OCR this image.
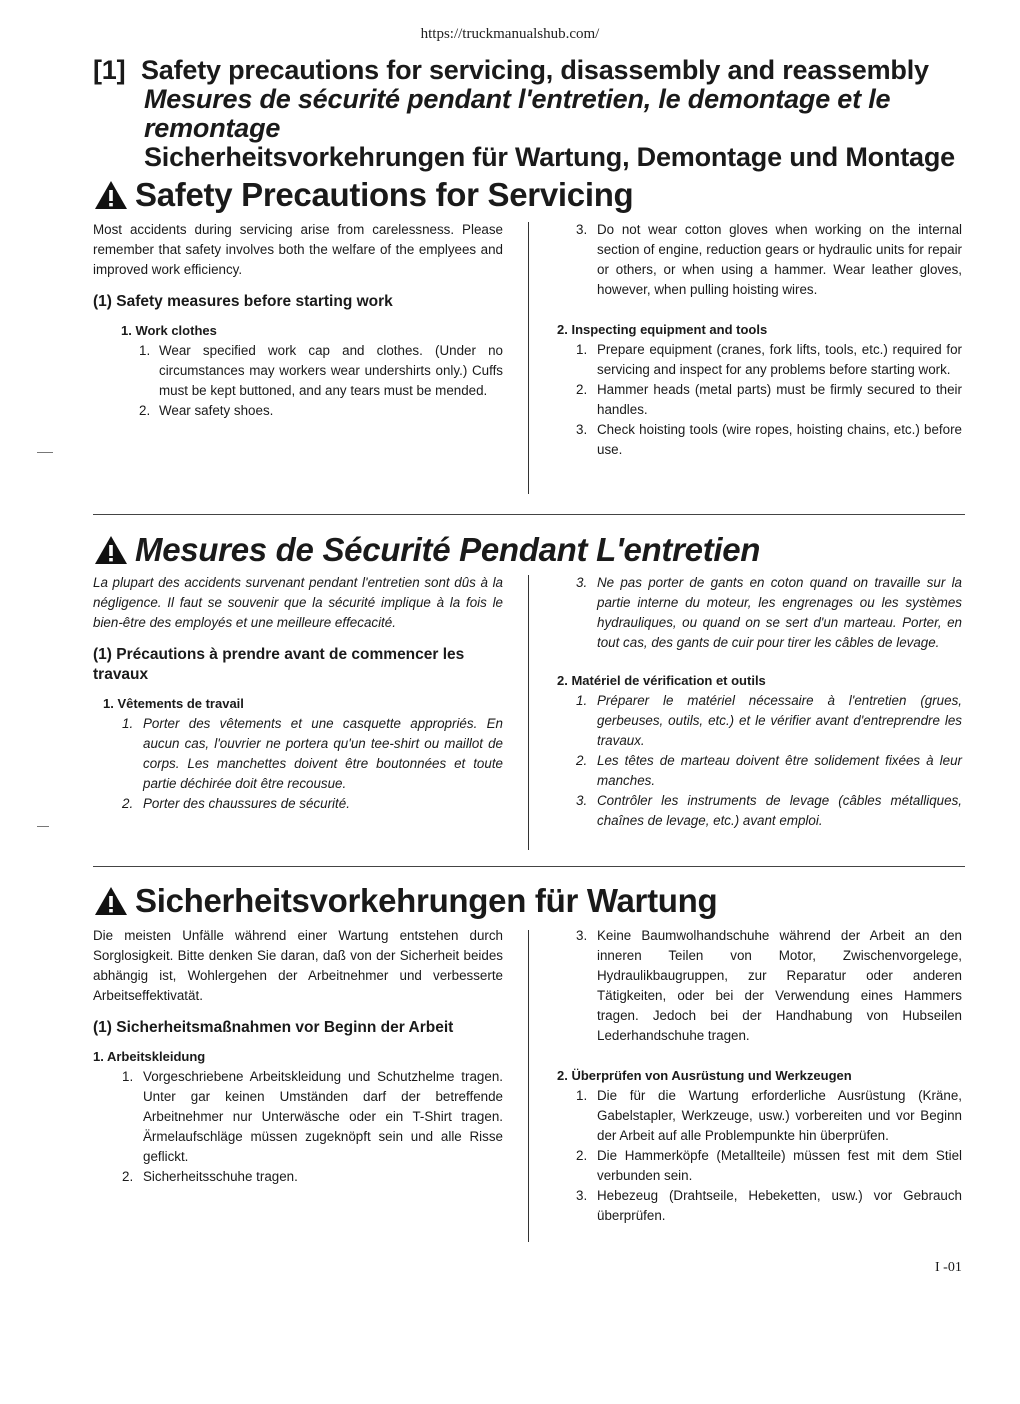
https://truckmanualshub.com/
[1] Safety precautions for servicing, disassembly and reassembly
Mesures de sécurité pendant l'entretien, le demontage et le remontage
Sicherheitsvorkehrungen für Wartung, Demontage und Montage
Safety Precautions for Servicing

Most accidents during servicing arise from carelessness. Please remember that safety involves both the welfare of the emplyees and improved work efficiency.

(1) Safety measures before starting work
1. Work clothes
1. Wear specified work cap and clothes. (Under no circumstances may workers wear undershirts only.) Cuffs must be kept buttoned, and any tears must be mended.
2. Wear safety shoes.
3. Do not wear cotton gloves when working on the internal section of engine, reduction gears or hydraulic units for repair or others, or when using a hammer. Wear leather gloves, however, when pulling hoisting wires.
2. Inspecting equipment and tools
1. Prepare equipment (cranes, fork lifts, tools, etc.) required for servicing and inspect for any problems before starting work.
2. Hammer heads (metal parts) must be firmly secured to their handles.
3. Check hoisting tools (wire ropes, hoisting chains, etc.) before use.
Mesures de Sécurité Pendant L'entretien

La plupart des accidents survenant pendant l'entretien sont dûs à la négligence. Il faut se souvenir que la sécurité implique à la fois le bien-être des employés et une meilleure effecacité.

(1) Précautions à prendre avant de commencer les travaux
1. Vêtements de travail
1. Porter des vêtements et une casquette appropriés. En aucun cas, l'ouvrier ne portera qu'un tee-shirt ou maillot de corps. Les manchettes doivent être boutonnées et toute partie déchirée doit être recousue.
2. Porter des chaussures de sécurité.
3. Ne pas porter de gants en coton quand on travaille sur la partie interne du moteur, les engrenages ou les systèmes hydrauliques, ou quand on se sert d'un marteau. Porter, en tout cas, des gants de cuir pour tirer les câbles de levage.
2. Matériel de vérification et outils
1. Préparer le matériel nécessaire à l'entretien (grues, gerbeuses, outils, etc.) et le vérifier avant d'entreprendre les travaux.
2. Les têtes de marteau doivent être solidement fixées à leur manches.
3. Contrôler les instruments de levage (câbles métalliques, chaînes de levage, etc.) avant emploi.
Sicherheitsvorkehrungen für Wartung

Die meisten Unfälle während einer Wartung entstehen durch Sorglosigkeit. Bitte denken Sie daran, daß von der Sicherheit beides abhängig ist, Wohlergehen der Arbeitnehmer und verbesserte Arbeitseffektivatät.

(1) Sicherheitsmaßnahmen vor Beginn der Arbeit
1. Arbeitskleidung
1. Vorgeschriebene Arbeitskleidung und Schutzhelme tragen. Unter gar keinen Umständen darf der betreffende Arbeitnehmer nur Unterwäsche oder ein T-Shirt tragen. Ärmelaufschläge müssen zugeknöpft sein und alle Risse geflickt.
2. Sicherheitsschuhe tragen.
3. Keine Baumwolhandschuhe während der Arbeit an den inneren Teilen von Motor, Zwischenvorgelege, Hydraulikbaugruppen, zur Reparatur oder anderen Tätigkeiten, oder bei der Verwendung eines Hammers tragen. Jedoch bei der Handhabung von Hubseilen Lederhandschuhe tragen.
2. Überprüfen von Ausrüstung und Werkzeugen
1. Die für die Wartung erforderliche Ausrüstung (Kräne, Gabelstapler, Werkzeuge, usw.) vorbereiten und vor Beginn der Arbeit auf alle Problempunkte hin überprüfen.
2. Die Hammerköpfe (Metallteile) müssen fest mit dem Stiel verbunden sein.
3. Hebezeug (Drahtseile, Hebeketten, usw.) vor Gebrauch überprüfen.
I -01
